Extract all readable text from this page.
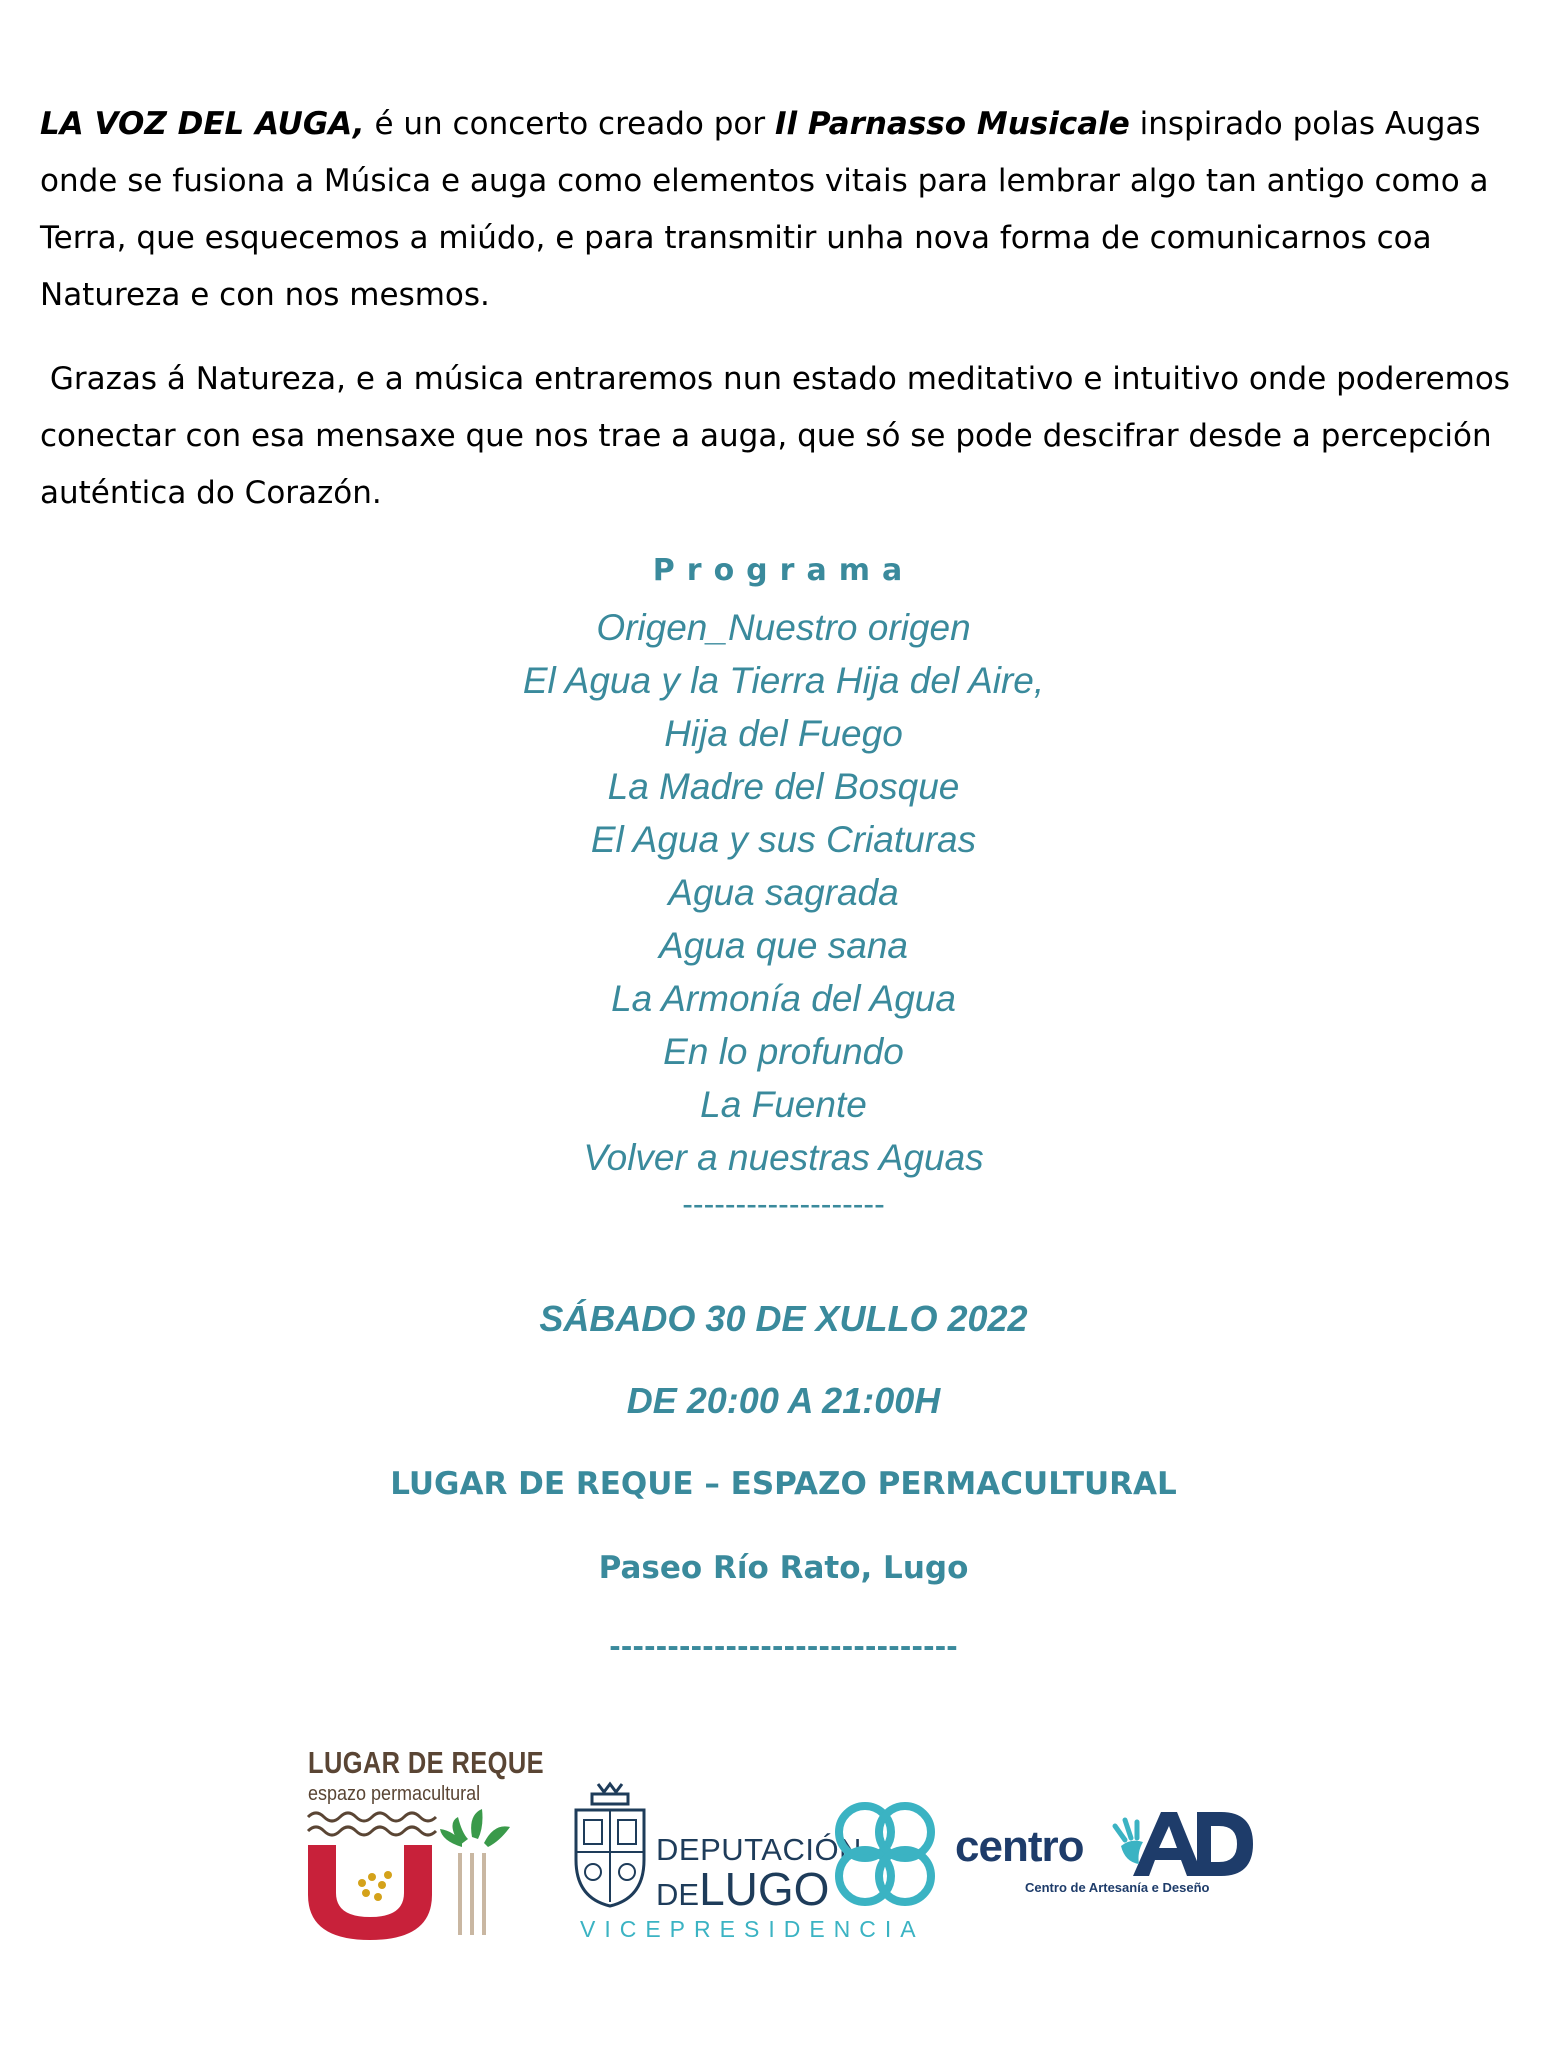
LA VOZ DEL AUGA, é un concerto creado por Il Parnasso Musicale inspirado polas Augas onde se fusiona a Música e auga como elementos vitais para lembrar algo tan antigo como a Terra, que esquecemos a miúdo, e para transmitir unha nova forma de comunicarnos coa Natureza e con nos mesmos.

Grazas á Natureza, e a música entraremos nun estado meditativo e intuitivo onde poderemos conectar con esa mensaxe que nos trae a auga, que só se pode descifrar desde a percepción auténtica do Corazón.

Programa
Origen_Nuestro origen
El Agua y la Tierra Hija del Aire,
Hija del Fuego
La Madre del Bosque
El Agua y sus Criaturas
Agua sagrada
Agua que sana
La Armonía del Agua
En lo profundo
La Fuente
Volver a nuestras Aguas
-------------------
SÁBADO 30 DE XULLO 2022
DE 20:00 A 21:00H
LUGAR DE REQUE – ESPAZO PERMACULTURAL
Paseo Río Rato, Lugo
------------------------------
LUGAR DE REQUE
espazo permacultural
DEPUTACIÓN
DELUGO
VICEPRESIDENCIA
centro
Centro de Artesanía e Deseño
